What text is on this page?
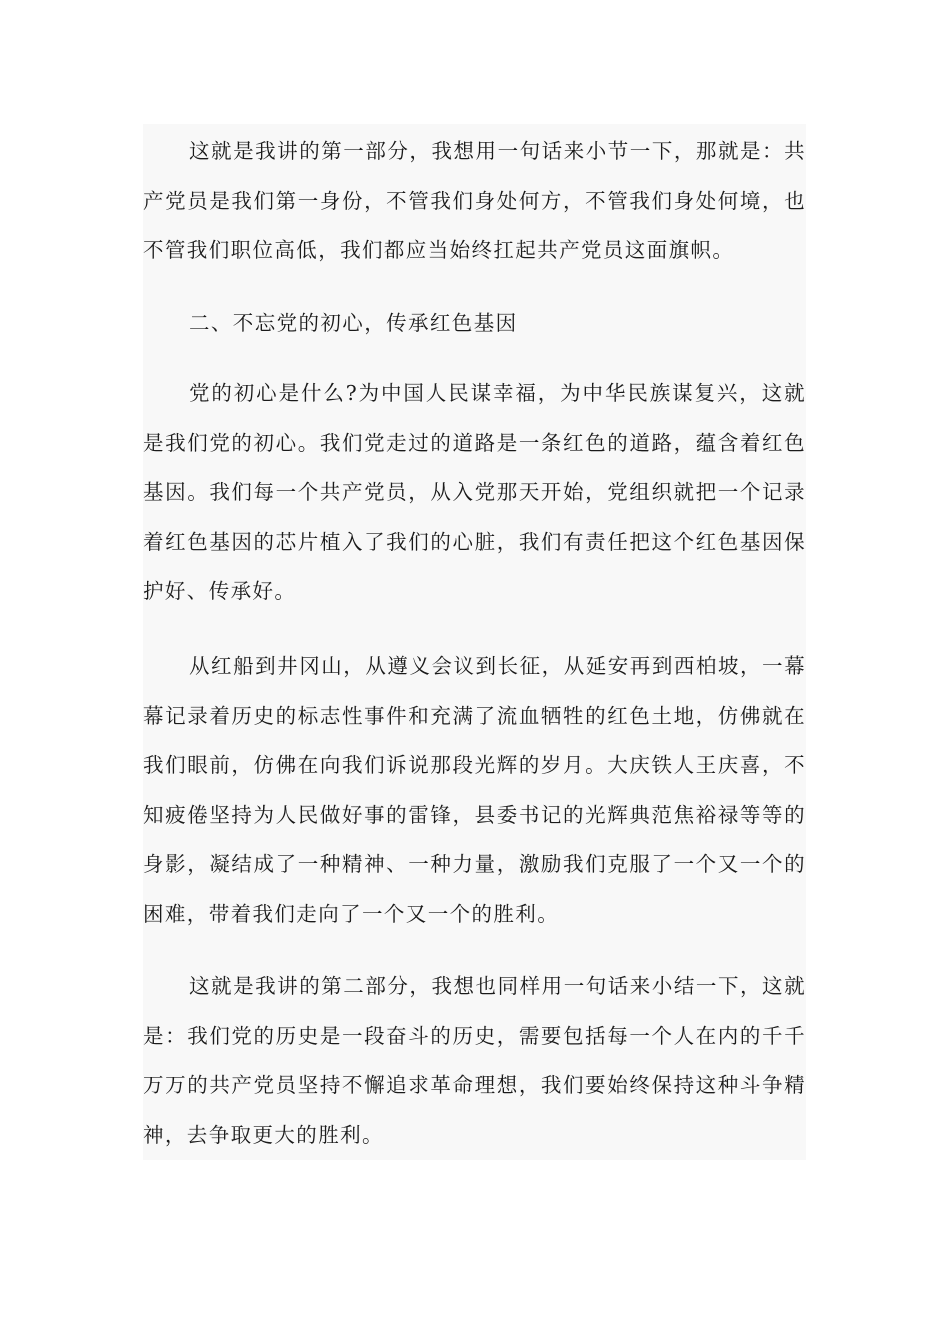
这就是我讲的第一部分，我想用一句话来小节一下，那就是：共产党员是我们第一身份，不管我们身处何方，不管我们身处何境，也不管我们职位高低，我们都应当始终扛起共产党员这面旗帜。

二、不忘党的初心，传承红色基因

党的初心是什么?为中国人民谋幸福，为中华民族谋复兴，这就是我们党的初心。我们党走过的道路是一条红色的道路，蕴含着红色基因。我们每一个共产党员，从入党那天开始，党组织就把一个记录着红色基因的芯片植入了我们的心脏，我们有责任把这个红色基因保护好、传承好。

从红船到井冈山，从遵义会议到长征，从延安再到西柏坡，一幕幕记录着历史的标志性事件和充满了流血牺牲的红色土地，仿佛就在我们眼前，仿佛在向我们诉说那段光辉的岁月。大庆铁人王庆喜，不知疲倦坚持为人民做好事的雷锋，县委书记的光辉典范焦裕禄等等的身影，凝结成了一种精神、一种力量，激励我们克服了一个又一个的困难，带着我们走向了一个又一个的胜利。

这就是我讲的第二部分，我想也同样用一句话来小结一下，这就是：我们党的历史是一段奋斗的历史，需要包括每一个人在内的千千万万的共产党员坚持不懈追求革命理想，我们要始终保持这种斗争精神，去争取更大的胜利。
